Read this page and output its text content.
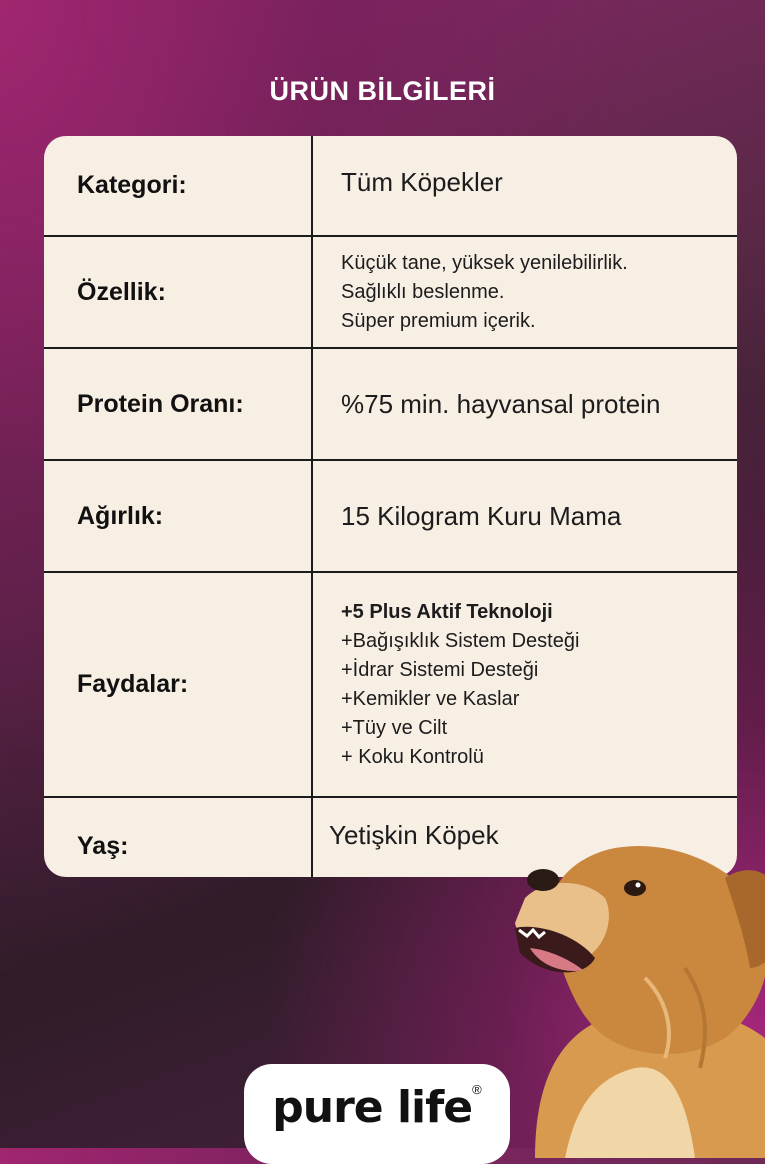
ÜRÜN BİLGİLERİ
Kategori:	Tüm Köpekler
Özellik:
Küçük tane, yüksek yenilebilirlik.
Sağlıklı beslenme.
Süper premium içerik.
Protein Oranı:	%75 min. hayvansal protein
Ağırlık:	15 Kilogram Kuru Mama
Faydalar:
+5 Plus Aktif Teknoloji
+Bağışıklık Sistem Desteği
+İdrar Sistemi Desteği
+Kemikler ve Kaslar
+Tüy ve Cilt
+ Koku Kontrolü
Yaş:	Yetişkin Köpek
pure life ®
